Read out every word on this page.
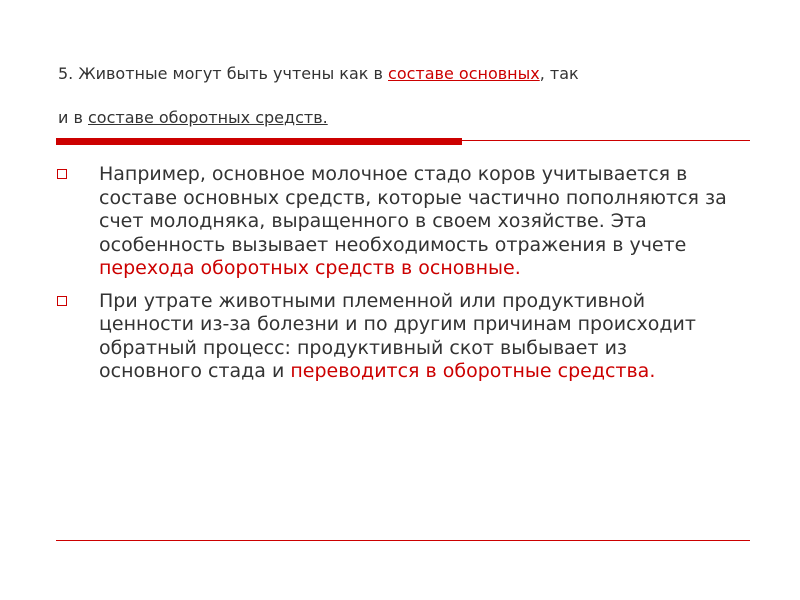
5. Животные могут быть учтены как в составе основных, так
и в составе оборотных средств.
Например, основное молочное стадо коров учитывается в составе основных средств, которые частично пополняются за счет молодняка, выращенного в своем хозяйстве. Эта особенность вызывает необходимость отражения в учете перехода оборотных средств в основные.
При утрате животными племенной или продуктивной ценности из-за болезни и по другим причинам происходит обратный процесс: продуктивный скот выбывает из основного стада и переводится в оборотные средства.
